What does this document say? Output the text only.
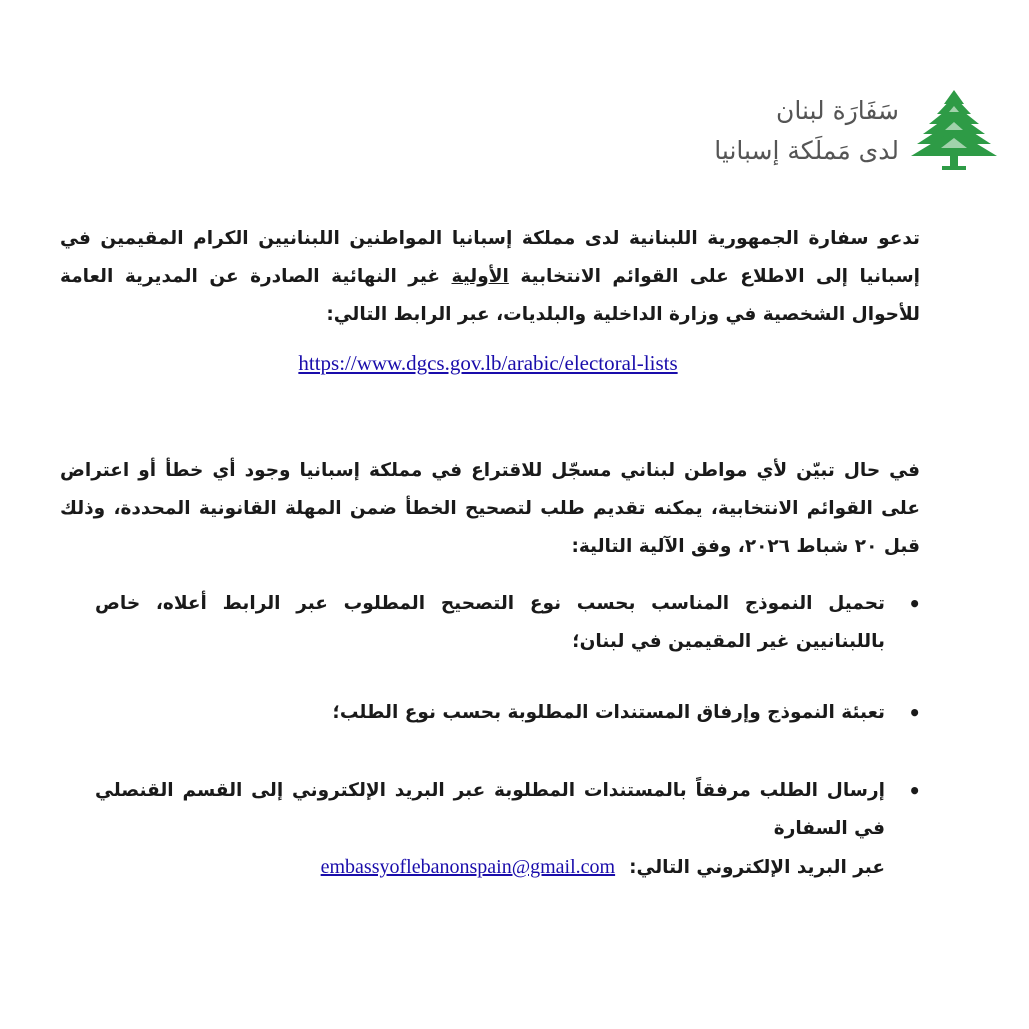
سَفَارَة لبنان
لدى مَملَكة إسبانيا
تدعو سفارة الجمهورية اللبنانية لدى مملكة إسبانيا المواطنين اللبنانيين الكرام المقيمين في إسبانيا إلى الاطلاع على القوائم الانتخابية الأولية غير النهائية الصادرة عن المديرية العامة للأحوال الشخصية في وزارة الداخلية والبلديات، عبر الرابط التالي:
https://www.dgcs.gov.lb/arabic/electoral-lists
في حال تبيّن لأي مواطن لبناني مسجّل للاقتراع في مملكة إسبانيا وجود أي خطأ أو اعتراض على القوائم الانتخابية، يمكنه تقديم طلب لتصحيح الخطأ ضمن المهلة القانونية المحددة، وذلك قبل ٢٠ شباط ٢٠٢٦، وفق الآلية التالية:
•
تحميل النموذج المناسب بحسب نوع التصحيح المطلوب عبر الرابط أعلاه، خاص باللبنانيين غير المقيمين في لبنان؛
•
تعبئة النموذج وإرفاق المستندات المطلوبة بحسب نوع الطلب؛
•
إرسال الطلب مرفقاً بالمستندات المطلوبة عبر البريد الإلكتروني إلى القسم القنصلي في السفارة
عبر البريد الإلكتروني التالي:embassyoflebanonspain@gmail.com
